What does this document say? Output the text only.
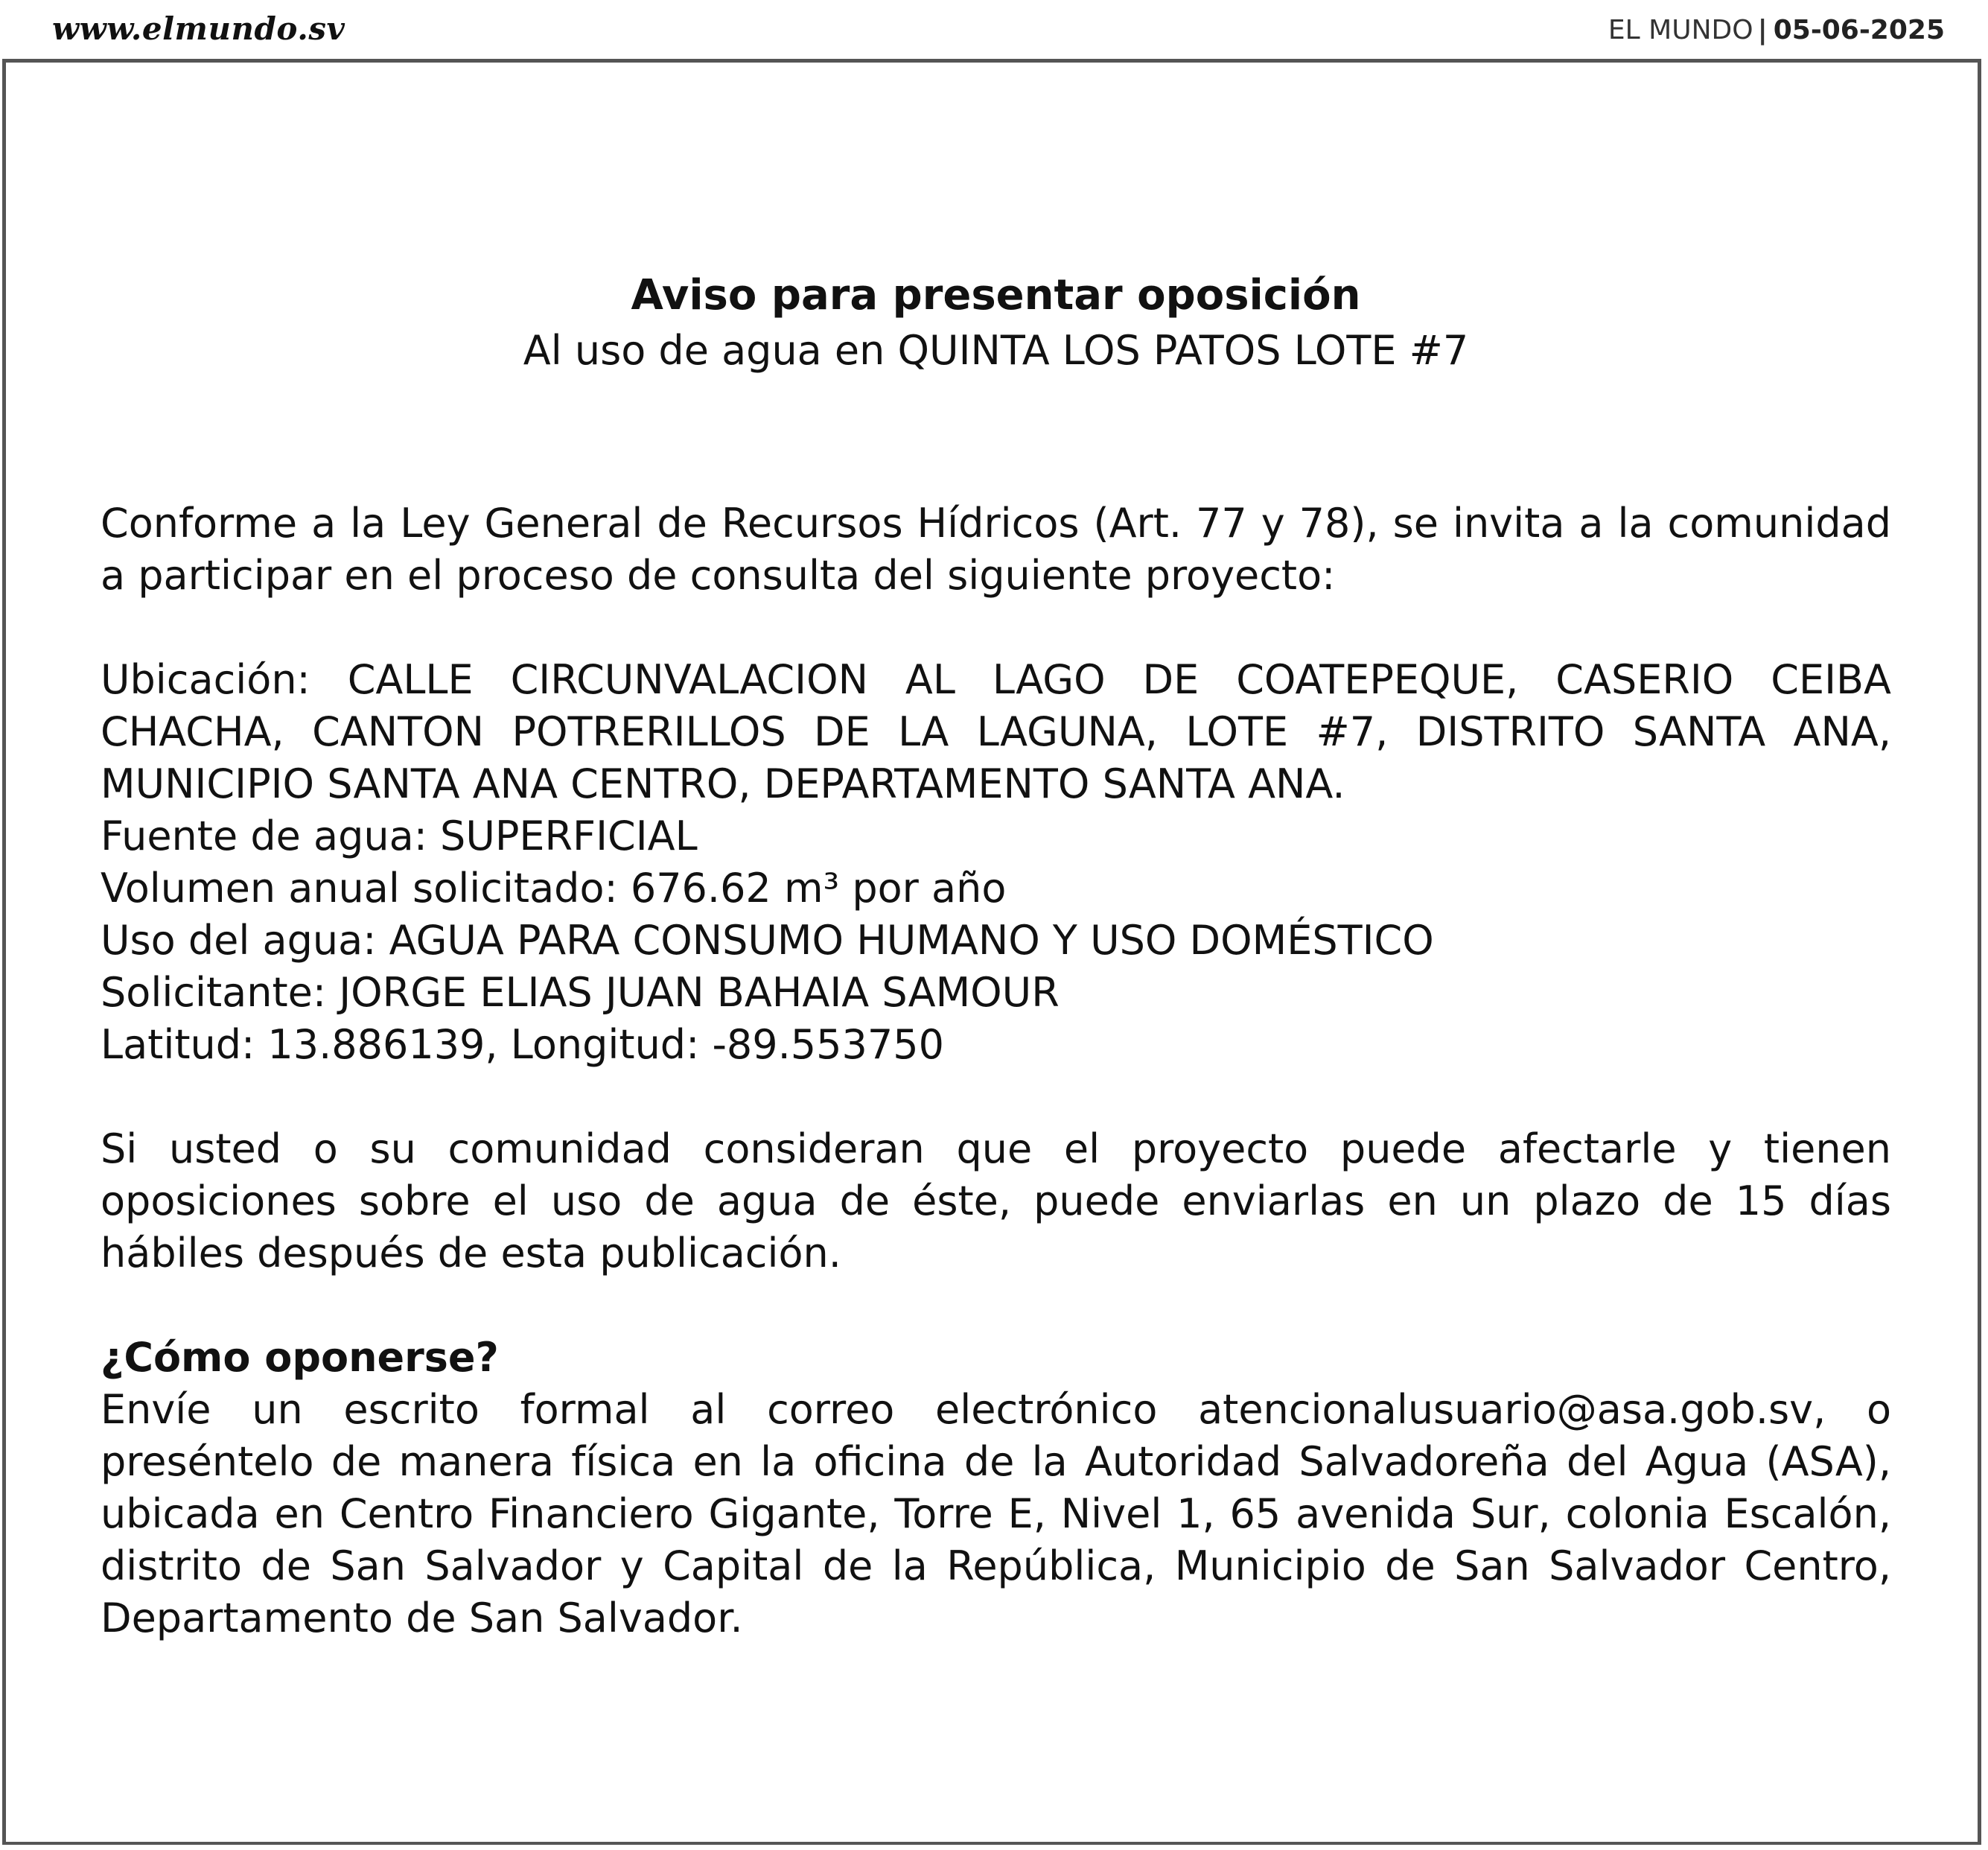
www.elmundo.sv	EL MUNDO | 05-06-2025

Aviso para presentar oposición

Al uso de agua en QUINTA LOS PATOS LOTE #7

Conforme a la Ley General de Recursos Hídricos (Art. 77 y 78), se invita a la comunidad a participar en el proceso de consulta del siguiente proyecto:

Ubicación: CALLE CIRCUNVALACION AL LAGO DE COATEPEQUE, CASERIO CEIBA CHACHA, CANTON POTRERILLOS DE LA LAGUNA, LOTE #7, DISTRITO SANTA ANA, MUNICIPIO SANTA ANA CENTRO, DEPARTAMENTO SANTA ANA.

Fuente de agua: SUPERFICIAL
Volumen anual solicitado: 676.62 m³ por año
Uso del agua: AGUA PARA CONSUMO HUMANO Y USO DOMÉSTICO
Solicitante: JORGE ELIAS JUAN BAHAIA SAMOUR
Latitud: 13.886139, Longitud: -89.553750

Si usted o su comunidad consideran que el proyecto puede afectarle y tienen oposiciones sobre el uso de agua de éste, puede enviarlas en un plazo de 15 días hábiles después de esta publicación.

¿Cómo oponerse?

Envíe un escrito formal al correo electrónico atencionalusuario@asa.gob.sv, o preséntelo de manera física en la oficina de la Autoridad Salvadoreña del Agua (ASA), ubicada en Centro Financiero Gigante, Torre E, Nivel 1, 65 avenida Sur, colonia Escalón, distrito de San Salvador y Capital de la República, Municipio de San Salvador Centro, Departamento de San Salvador.
